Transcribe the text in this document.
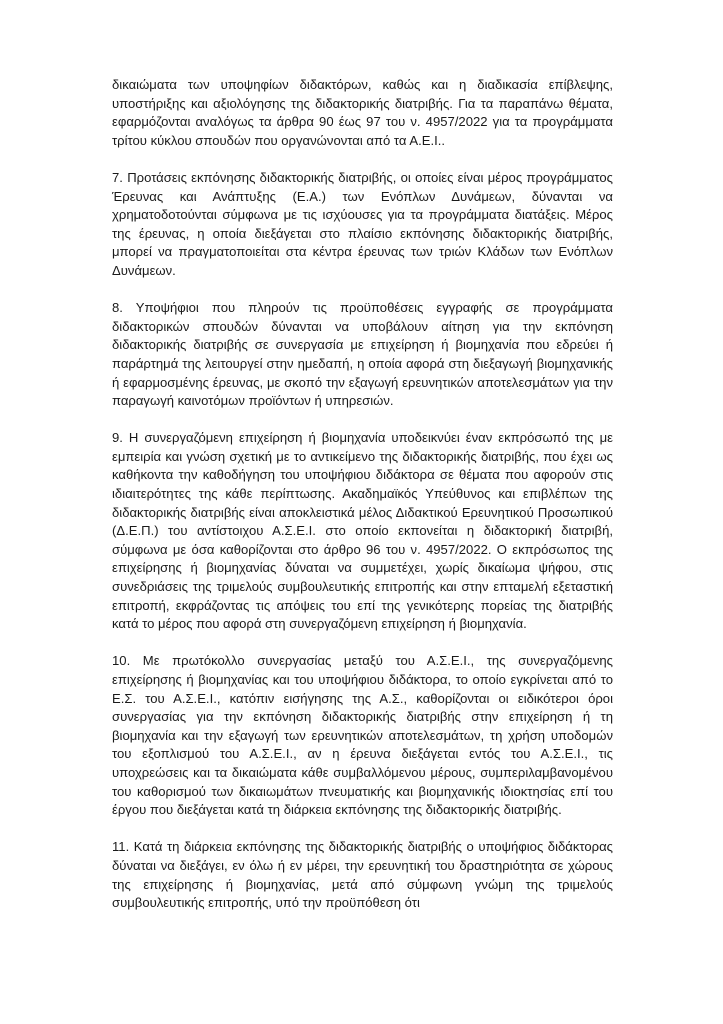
δικαιώματα των υποψηφίων διδακτόρων, καθώς και η διαδικασία επίβλεψης, υποστήριξης και αξιολόγησης της διδακτορικής διατριβής. Για τα παραπάνω θέματα, εφαρμόζονται αναλόγως τα άρθρα 90 έως 97 του ν. 4957/2022 για τα προγράμματα τρίτου κύκλου σπουδών που οργανώνονται από τα Α.Ε.Ι..

7. Προτάσεις εκπόνησης διδακτορικής διατριβής, οι οποίες είναι μέρος προγράμματος Έρευνας και Ανάπτυξης (Ε.Α.) των Ενόπλων Δυνάμεων, δύνανται να χρηματοδοτούνται σύμφωνα με τις ισχύουσες για τα προγράμματα διατάξεις. Μέρος της έρευνας, η οποία διεξάγεται στο πλαίσιο εκπόνησης διδακτορικής διατριβής, μπορεί να πραγματοποιείται στα κέντρα έρευνας των τριών Κλάδων των Ενόπλων Δυνάμεων.

8. Υποψήφιοι που πληρούν τις προϋποθέσεις εγγραφής σε προγράμματα διδακτορικών σπουδών δύνανται να υποβάλουν αίτηση για την εκπόνηση διδακτορικής διατριβής σε συνεργασία με επιχείρηση ή βιομηχανία που εδρεύει ή παράρτημά της λειτουργεί στην ημεδαπή, η οποία αφορά στη διεξαγωγή βιομηχανικής ή εφαρμοσμένης έρευνας, με σκοπό την εξαγωγή ερευνητικών αποτελεσμάτων για την παραγωγή καινοτόμων προϊόντων ή υπηρεσιών.

9. Η συνεργαζόμενη επιχείρηση ή βιομηχανία υποδεικνύει έναν εκπρόσωπό της με εμπειρία και γνώση σχετική με το αντικείμενο της διδακτορικής διατριβής, που έχει ως καθήκοντα την καθοδήγηση του υποψήφιου διδάκτορα σε θέματα που αφορούν στις ιδιαιτερότητες της κάθε περίπτωσης. Ακαδημαϊκός Υπεύθυνος και επιβλέπων της διδακτορικής διατριβής είναι αποκλειστικά μέλος Διδακτικού Ερευνητικού Προσωπικού (Δ.Ε.Π.) του αντίστοιχου Α.Σ.Ε.Ι. στο οποίο εκπονείται η διδακτορική διατριβή, σύμφωνα με όσα καθορίζονται στο άρθρο 96 του ν. 4957/2022. Ο εκπρόσωπος της επιχείρησης ή βιομηχανίας δύναται να συμμετέχει, χωρίς δικαίωμα ψήφου, στις συνεδριάσεις της τριμελούς συμβουλευτικής επιτροπής και στην επταμελή εξεταστική επιτροπή, εκφράζοντας τις απόψεις του επί της γενικότερης πορείας της διατριβής κατά το μέρος που αφορά στη συνεργαζόμενη επιχείρηση ή βιομηχανία.

10. Με πρωτόκολλο συνεργασίας μεταξύ του Α.Σ.Ε.Ι., της συνεργαζόμενης επιχείρησης ή βιομηχανίας και του υποψήφιου διδάκτορα, το οποίο εγκρίνεται από το Ε.Σ. του Α.Σ.Ε.Ι., κατόπιν εισήγησης της Α.Σ., καθορίζονται οι ειδικότεροι όροι συνεργασίας για την εκπόνηση διδακτορικής διατριβής στην επιχείρηση ή τη βιομηχανία και την εξαγωγή των ερευνητικών αποτελεσμάτων, τη χρήση υποδομών του εξοπλισμού του Α.Σ.Ε.Ι., αν η έρευνα διεξάγεται εντός του Α.Σ.Ε.Ι., τις υποχρεώσεις και τα δικαιώματα κάθε συμβαλλόμενου μέρους, συμπεριλαμβανομένου του καθορισμού των δικαιωμάτων πνευματικής και βιομηχανικής ιδιοκτησίας επί του έργου που διεξάγεται κατά τη διάρκεια εκπόνησης της διδακτορικής διατριβής.

11. Κατά τη διάρκεια εκπόνησης της διδακτορικής διατριβής ο υποψήφιος διδάκτορας δύναται να διεξάγει, εν όλω ή εν μέρει, την ερευνητική του δραστηριότητα σε χώρους της επιχείρησης ή βιομηχανίας, μετά από σύμφωνη γνώμη της τριμελούς συμβουλευτικής επιτροπής, υπό την προϋπόθεση ότι
